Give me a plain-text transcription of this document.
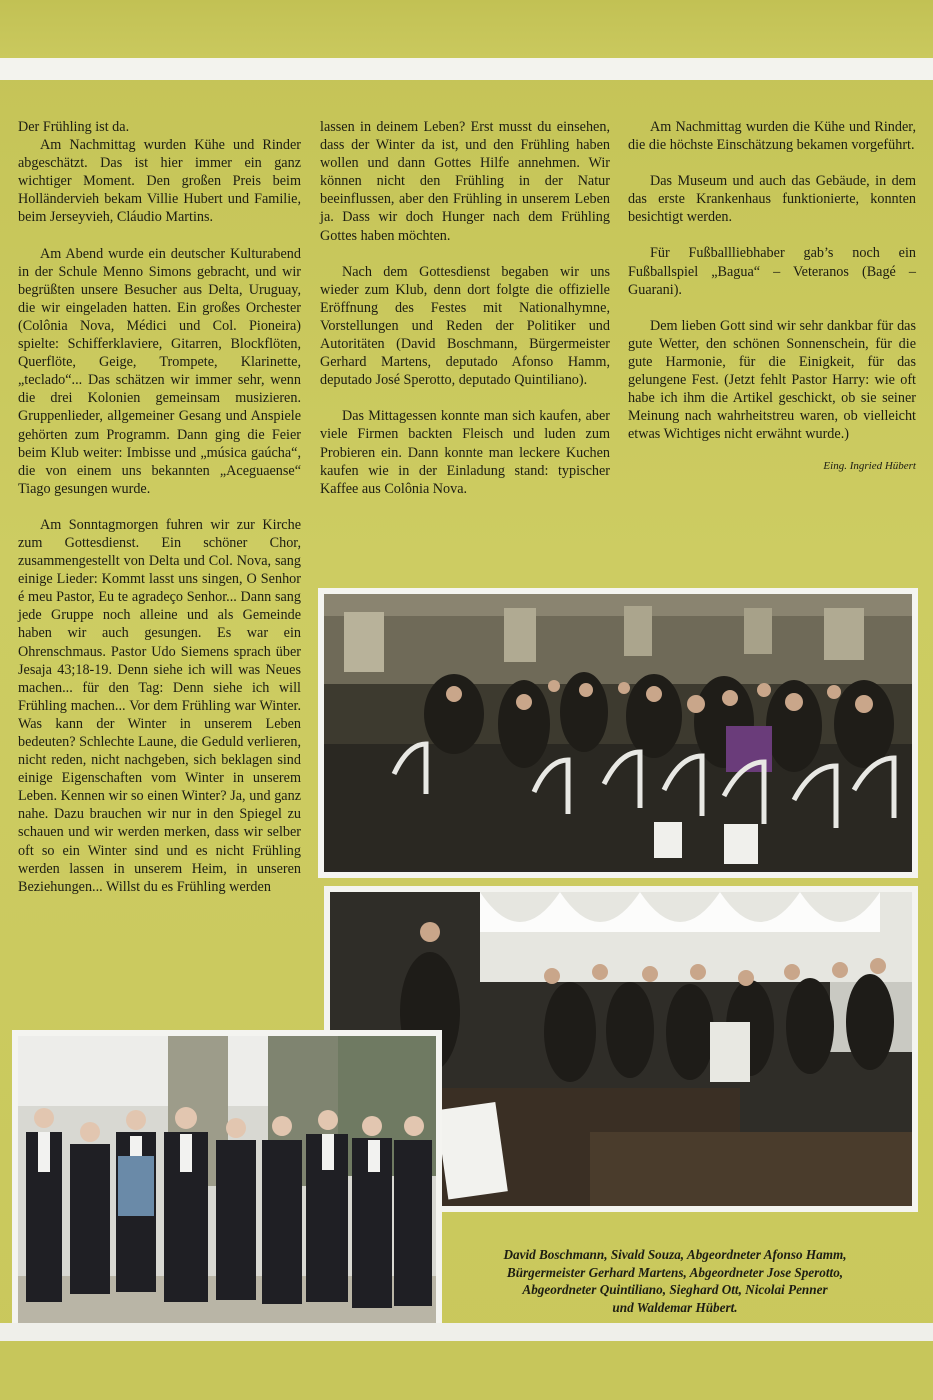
Der Frühling ist da.

Am Nachmittag wurden Kühe und Rinder abgeschätzt. Das ist hier immer ein ganz wichtiger Moment. Den großen Preis beim Holländervieh bekam Villie Hubert und Familie, beim Jerseyvieh, Cláudio Martins.

Am Abend wurde ein deutscher Kulturabend in der Schule Menno Simons gebracht, und wir begrüßten unsere Besucher aus Delta, Uruguay, die wir eingeladen hatten. Ein großes Orchester (Colônia Nova, Médici und Col. Pioneira) spielte: Schifferklaviere, Gitarren, Blockflöten, Querflöte, Geige, Trompete, Klarinette, „teclado“... Das schätzen wir immer sehr, wenn die drei Kolonien gemeinsam musizieren. Gruppenlieder, allgemeiner Gesang und Anspiele gehörten zum Programm. Dann ging die Feier beim Klub weiter: Imbisse und „música gaúcha“, die von einem uns bekannten „Aceguaense“ Tiago gesungen wurde.

Am Sonntagmorgen fuhren wir zur Kirche zum Gottesdienst. Ein schöner Chor, zusammengestellt von Delta und Col. Nova, sang einige Lieder: Kommt lasst uns singen, O Senhor é meu Pastor, Eu te agradeço Senhor... Dann sang jede Gruppe noch alleine und als Gemeinde haben wir auch gesungen. Es war ein Ohrenschmaus. Pastor Udo Siemens sprach über Jesaja 43;18-19. Denn siehe ich will was Neues machen... für den Tag: Denn siehe ich will Frühling machen... Vor dem Frühling war Winter. Was kann der Winter in unserem Leben bedeuten? Schlechte Laune, die Geduld verlieren, nicht reden, nicht nachgeben, sich beklagen sind einige Eigenschaften vom Winter in unserem Leben. Kennen wir so einen Winter? Ja, und ganz nahe. Dazu brauchen wir nur in den Spiegel zu schauen und wir werden merken, dass wir selber oft so ein Winter sind und es nicht Frühling werden lassen in unserem Heim, in unseren Beziehungen... Willst du es Frühling werden

lassen in deinem Leben? Erst musst du einsehen, dass der Winter da ist, und den Frühling haben wollen und dann Gottes Hilfe annehmen. Wir können nicht den Frühling in der Natur beeinflussen, aber den Frühling in unserem Leben ja. Dass wir doch Hunger nach dem Frühling Gottes haben möchten.

Nach dem Gottesdienst begaben wir uns wieder zum Klub, denn dort folgte die offizielle Eröffnung des Festes mit Nationalhymne, Vorstellungen und Reden der Politiker und Autoritäten (David Boschmann, Bürgermeister Gerhard Martens, deputado Afonso Hamm, deputado José Sperotto, deputado Quintiliano).

Das Mittagessen konnte man sich kaufen, aber viele Firmen backten Fleisch und luden zum Probieren ein. Dann konnte man leckere Kuchen kaufen wie in der Einladung stand: typischer Kaffee aus Colônia Nova.

Am Nachmittag wurden die Kühe und Rinder, die die höchste Einschätzung bekamen vorgeführt.

Das Museum und auch das Gebäude, in dem das erste Krankenhaus funktionierte, konnten besichtigt werden.

Für Fußballliebhaber gab’s noch ein Fußballspiel „Bagua“ – Veteranos (Bagé – Guarani).

Dem lieben Gott sind wir sehr dankbar für das gute Wetter, den schönen Sonnenschein, für die gute Harmonie, für die Einigkeit, für das gelungene Fest. (Jetzt fehlt Pastor Harry: wie oft habe ich ihm die Artikel geschickt, ob sie seiner Meinung nach wahrheitstreu waren, ob vielleicht etwas Wichtiges nicht erwähnt wurde.)

Eing. Ingried Hübert

David Boschmann, Sivald Souza, Abgeordneter Afonso Hamm,
Bürgermeister Gerhard Martens, Abgeordneter Jose Sperotto,
Abgeordneter Quintiliano, Sieghard Ott, Nicolai Penner
und Waldemar Hübert.
